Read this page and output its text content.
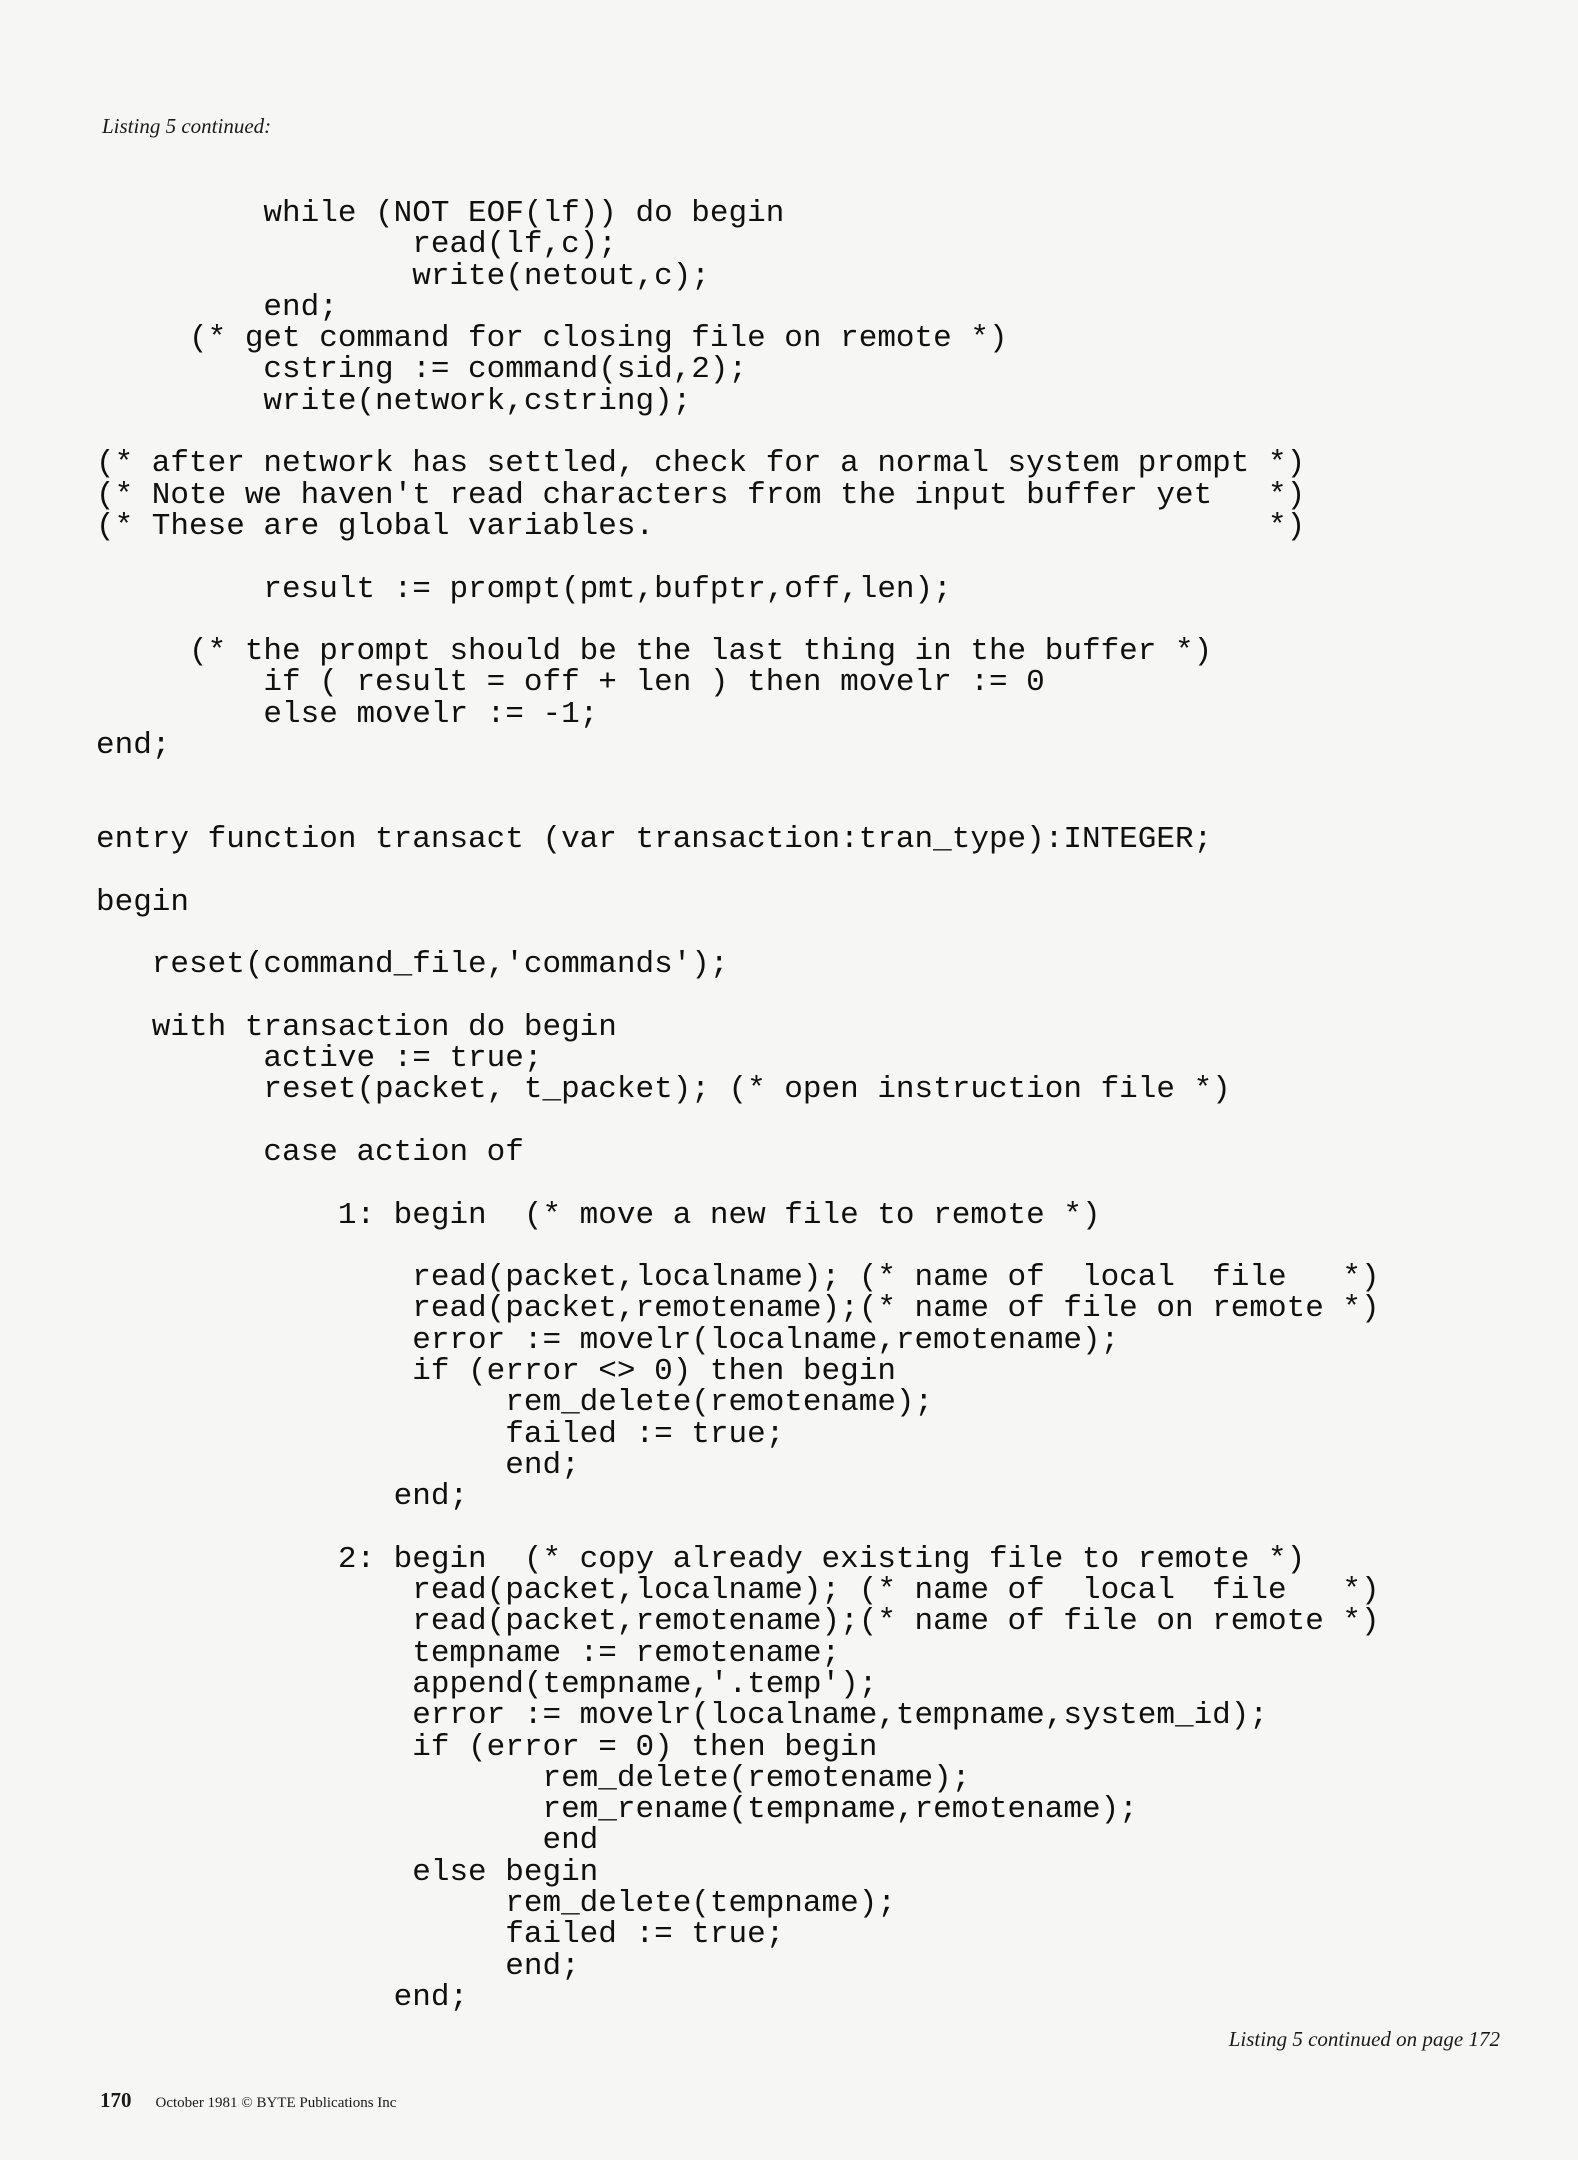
Listing 5 continued:
while (NOT EOF(lf)) do begin
read(lf,c);
write(netout,c);
end;
(* get command for closing file on remote *)
cstring := command(sid,2);
write(network,cstring);
(* after network has settled, check for a normal system prompt *)
(* Note we haven't read characters from the input buffer yet   *)
(* These are global variables.                                 *)
result := prompt(pmt,bufptr,off,len);
(* the prompt should be the last thing in the buffer *)
if ( result = off + len ) then movelr := 0
else movelr := -1;
end;
entry function transact (var transaction:tran_type):INTEGER;
begin
reset(command_file,'commands');
with transaction do begin
active := true;
reset(packet, t_packet); (* open instruction file *)
case action of
1: begin  (* move a new file to remote *)
read(packet,localname); (* name of  local  file   *)
read(packet,remotename);(* name of file on remote *)
error := movelr(localname,remotename);
if (error <> 0) then begin
rem_delete(remotename);
failed := true;
end;
end;
2: begin  (* copy already existing file to remote *)
read(packet,localname); (* name of  local  file   *)
read(packet,remotename);(* name of file on remote *)
tempname := remotename;
append(tempname,'.temp');
error := movelr(localname,tempname,system_id);
if (error = 0) then begin
rem_delete(remotename);
rem_rename(tempname,remotename);
end
else begin
rem_delete(tempname);
failed := true;
end;
end;
Listing 5 continued on page 172
170 October 1981 © BYTE Publications Inc
